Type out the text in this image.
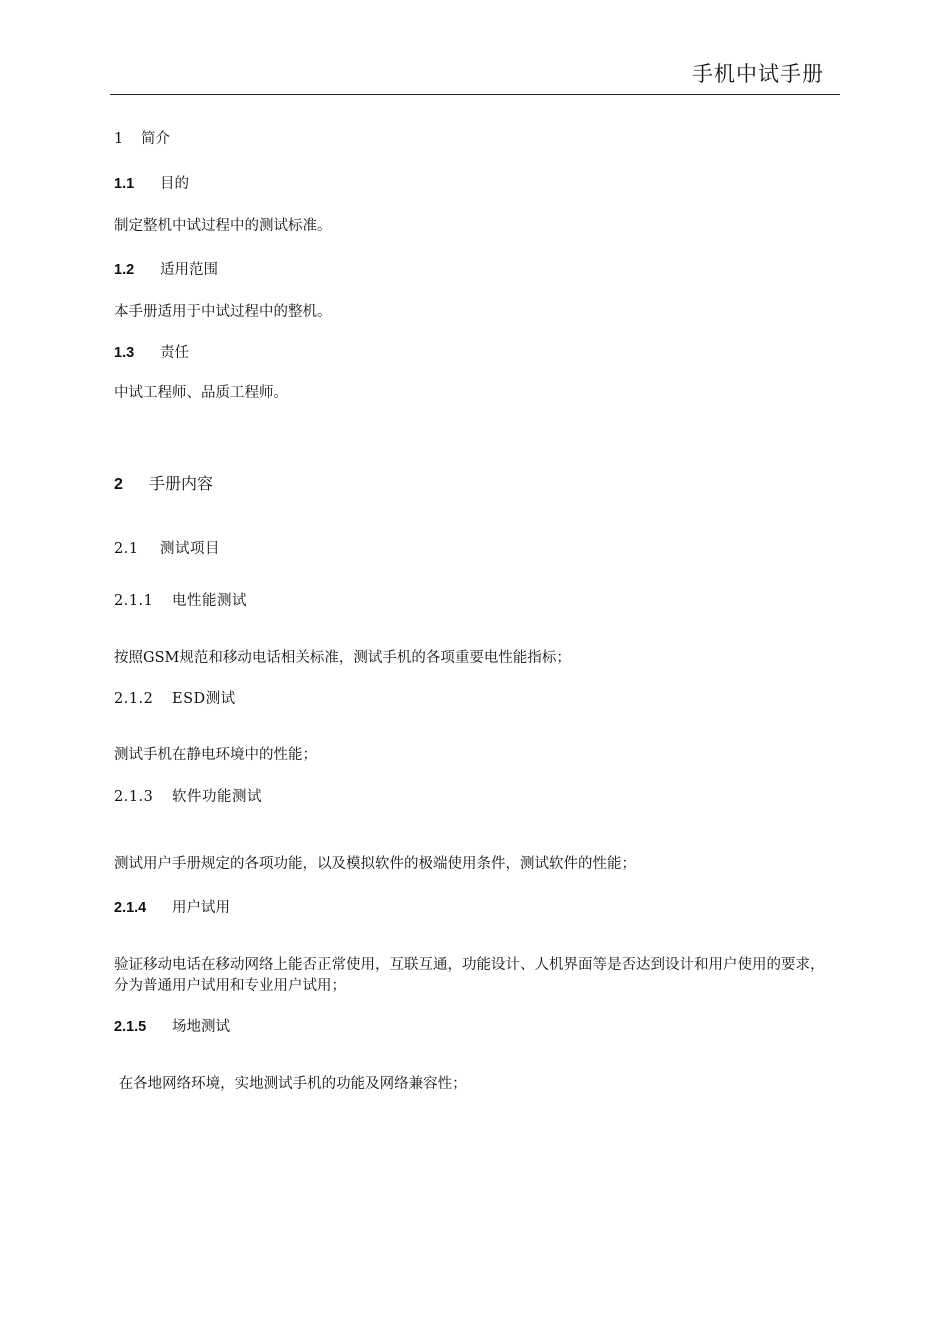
手机中试手册
1 简介
1.1 目的
制定整机中试过程中的测试标准。
1.2 适用范围
本手册适用于中试过程中的整机。
1.3 责任
中试工程师、品质工程师。
2 手册内容
2.1 测试项目
2.1.1 电性能测试
按照GSM规范和移动电话相关标准，测试手机的各项重要电性能指标；
2.1.2 ESD测试
测试手机在静电环境中的性能；
2.1.3 软件功能测试
测试用户手册规定的各项功能，以及模拟软件的极端使用条件，测试软件的性能；
2.1.4 用户试用
验证移动电话在移动网络上能否正常使用，互联互通，功能设计、人机界面等是否达到设计和用户使用的要求，分为普通用户试用和专业用户试用；
2.1.5 场地测试
在各地网络环境，实地测试手机的功能及网络兼容性；
